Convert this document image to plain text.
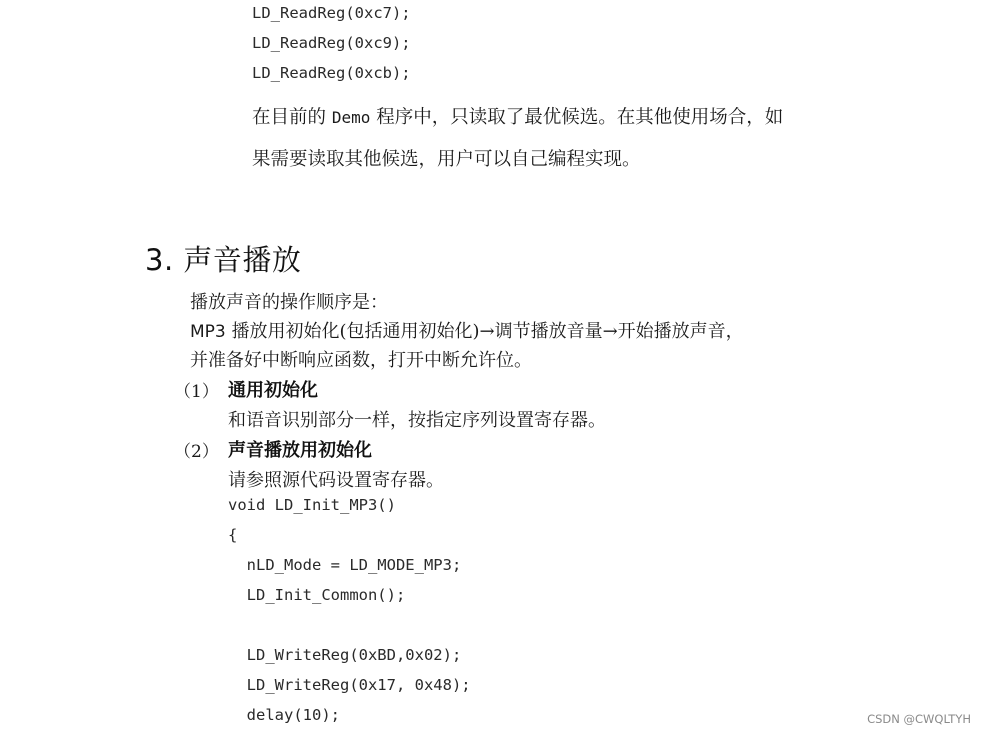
LD_ReadReg(0xc7);
LD_ReadReg(0xc9);
LD_ReadReg(0xcb);
在目前的 Demo 程序中，只读取了最优候选。在其他使用场合，如
果需要读取其他候选，用户可以自己编程实现。
3. 声音播放
播放声音的操作顺序是：
MP3 播放用初始化(包括通用初始化)→调节播放音量→开始播放声音，
并准备好中断响应函数，打开中断允许位。
（1） 通用初始化
和语音识别部分一样，按指定序列设置寄存器。
（2） 声音播放用初始化
请参照源代码设置寄存器。
void LD_Init_MP3()
{
nLD_Mode = LD_MODE_MP3;
LD_Init_Common();
LD_WriteReg(0xBD,0x02);
LD_WriteReg(0x17, 0x48);
delay(10);	CSDN @CWQLTYH
